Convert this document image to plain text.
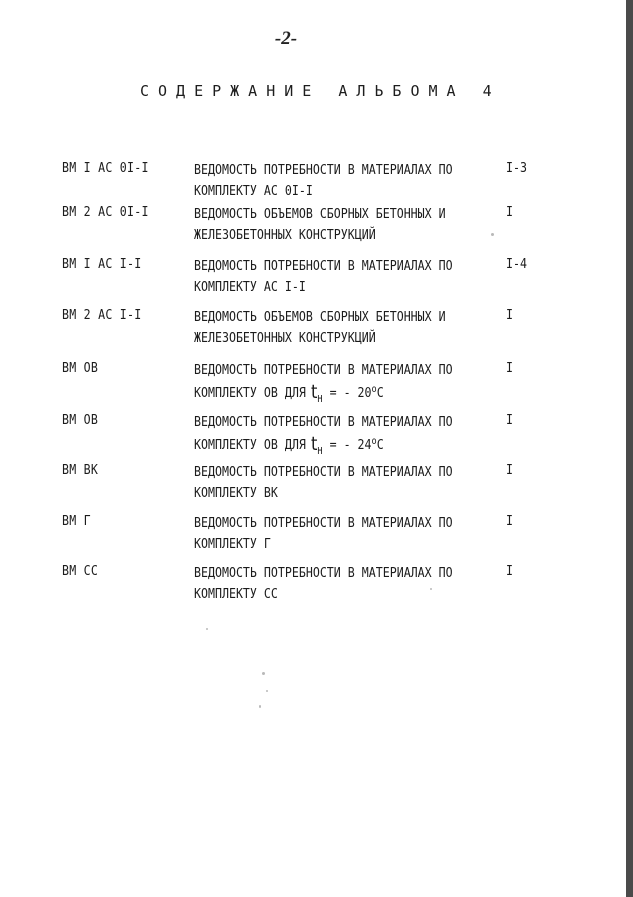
-2-
СОДЕРЖАНИЕ АЛЬБОМА 4
ВМ I АС 0I-I	ВЕДОМОСТЬ ПОТРЕБНОСТИ В МАТЕРИАЛАХ ПО
КОМПЛЕКТУ АС 0I-I
I-3
ВМ 2 АС 0I-I	ВЕДОМОСТЬ ОБЪЕМОВ СБОРНЫХ БЕТОННЫХ И
ЖЕЛЕЗОБЕТОННЫХ КОНСТРУКЦИЙ
I
ВМ I АС I-I	ВЕДОМОСТЬ ПОТРЕБНОСТИ В МАТЕРИАЛАХ ПО
КОМПЛЕКТУ АС I-I
I-4
ВМ 2 АС I-I	ВЕДОМОСТЬ ОБЪЕМОВ СБОРНЫХ БЕТОННЫХ И
ЖЕЛЕЗОБЕТОННЫХ КОНСТРУКЦИЙ
I
ВМ ОВ	ВЕДОМОСТЬ ПОТРЕБНОСТИ В МАТЕРИАЛАХ ПО
КОМПЛЕКТУ ОВ ДЛЯ $t_Н$ = - 20$^o$C
I
ВМ ОВ	ВЕДОМОСТЬ ПОТРЕБНОСТИ В МАТЕРИАЛАХ ПО
КОМПЛЕКТУ ОВ ДЛЯ $t_Н$ = - 24$^o$C
I
ВМ ВК	ВЕДОМОСТЬ ПОТРЕБНОСТИ В МАТЕРИАЛАХ ПО
КОМПЛЕКТУ ВК
I
ВМ Г	ВЕДОМОСТЬ ПОТРЕБНОСТИ В МАТЕРИАЛАХ ПО
КОМПЛЕКТУ Г
I
ВМ СС	ВЕДОМОСТЬ ПОТРЕБНОСТИ В МАТЕРИАЛАХ ПО
КОМПЛЕКТУ СС
I
